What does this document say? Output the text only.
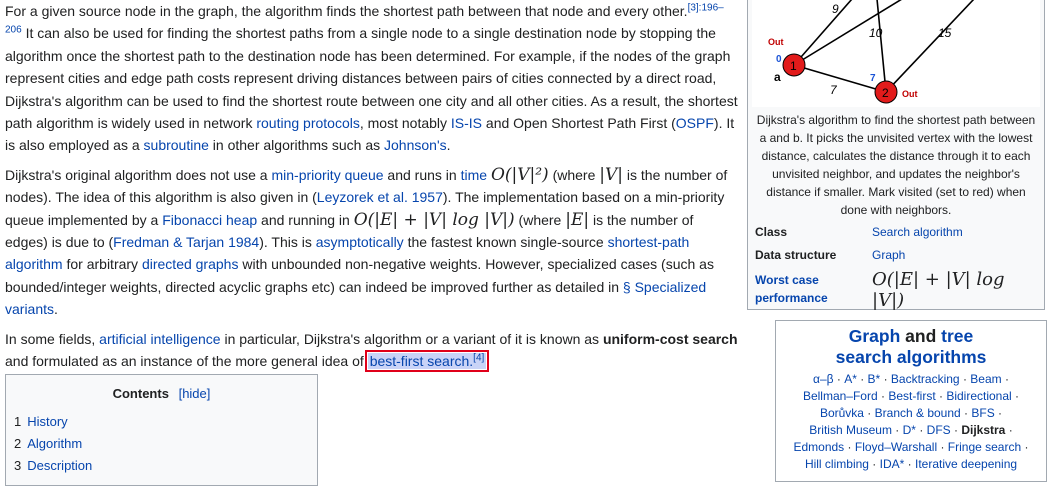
For a given source node in the graph, the algorithm finds the shortest path between that node and every other.$^{[3]:196-206}$ It can also be used for finding the shortest paths from a single node to a single destination node by stopping the algorithm once the shortest path to the destination node has been determined. For example, if the nodes of the graph represent cities and edge path costs represent driving distances between pairs of cities connected by a direct road, Dijkstra's algorithm can be used to find the shortest route between one city and all other cities. As a result, the shortest path algorithm is widely used in network routing protocols, most notably IS-IS and Open Shortest Path First (OSPF). It is also employed as a subroutine in other algorithms such as Johnson's.

Dijkstra's original algorithm does not use a min-priority queue and runs in time O(|V|²) (where |V| is the number of nodes). The idea of this algorithm is also given in (Leyzorek et al. 1957). The implementation based on a min-priority queue implemented by a Fibonacci heap and running in O(|E| + |V| log |V|) (where |E| is the number of edges) is due to (Fredman & Tarjan 1984). This is asymptotically the fastest known single-source shortest-path algorithm for arbitrary directed graphs with unbounded non-negative weights. However, specialized cases (such as bounded/integer weights, directed acyclic graphs etc) can indeed be improved further as detailed in § Specialized variants.

In some fields, artificial intelligence in particular, Dijkstra's algorithm or a variant of it is known as uniform-cost search and formulated as an instance of the more general idea of best-first search.[4]

Contents [hide]
1 History
2 Algorithm
3 Description
9
10	15
7
7
0
Out
Out
a
1
2
Dijkstra's algorithm to find the shortest path between a and b. It picks the unvisited vertex with the lowest distance, calculates the distance through it to each unvisited neighbor, and updates the neighbor's distance if smaller. Mark visited (set to red) when done with neighbors.
Class	Search algorithm
Data structure	Graph
Worst case performance
O(|E| + |V| log |V|)
Graph and tree
search algorithms
α–β · A* · B* · Backtracking · Beam ·
Bellman–Ford · Best-first · Bidirectional ·
Borůvka · Branch & bound · BFS ·
British Museum · D* · DFS · Dijkstra ·
Edmonds · Floyd–Warshall · Fringe search ·
Hill climbing · IDA* · Iterative deepening
